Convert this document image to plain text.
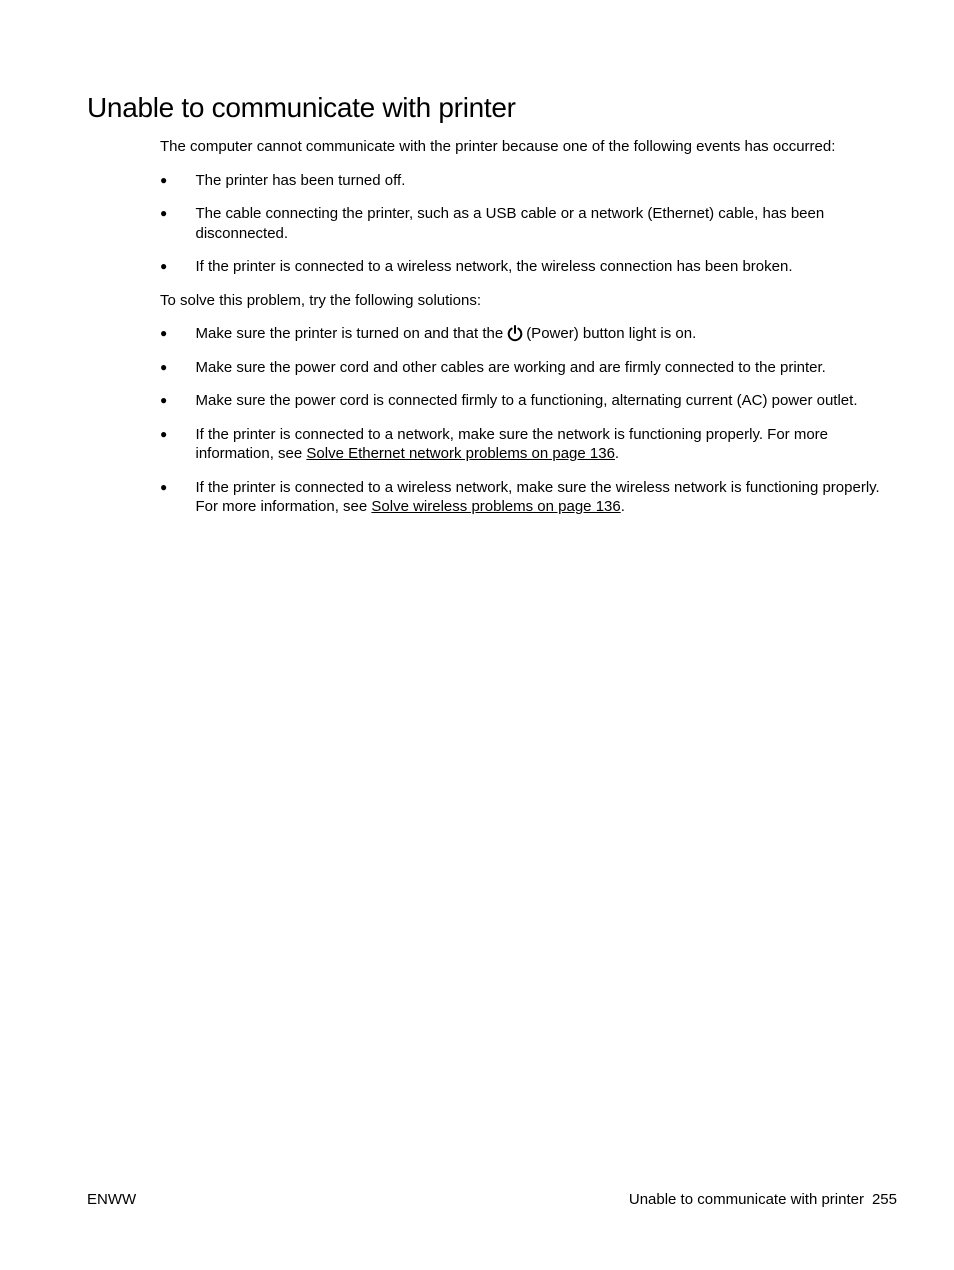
Unable to communicate with printer

The computer cannot communicate with the printer because one of the following events has occurred:

● The printer has been turned off.
● The cable connecting the printer, such as a USB cable or a network (Ethernet) cable, has been disconnected.
● If the printer is connected to a wireless network, the wireless connection has been broken.

To solve this problem, try the following solutions:

● Make sure the printer is turned on and that the (Power) button light is on.
● Make sure the power cord and other cables are working and are firmly connected to the printer.
● Make sure the power cord is connected firmly to a functioning, alternating current (AC) power outlet.
● If the printer is connected to a network, make sure the network is functioning properly. For more information, see Solve Ethernet network problems on page 136.
● If the printer is connected to a wireless network, make sure the wireless network is functioning properly. For more information, see Solve wireless problems on page 136.
ENWW	Unable to communicate with printer 255
